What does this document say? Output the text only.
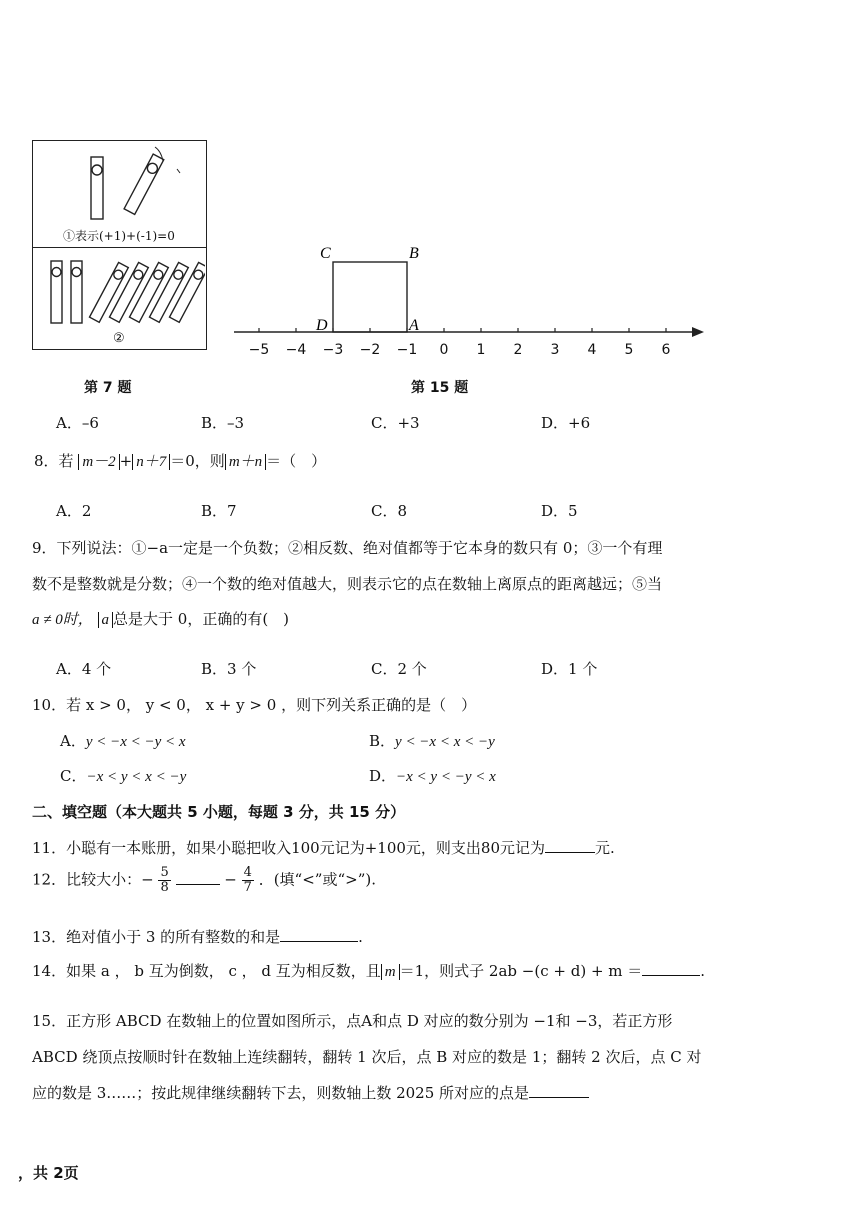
①表示(+1)+(-1)=0
②
第 7 题
C	B
D	A
−5 −4 −3 −2 −1 0 1 2 3 4 5 6
第 15 题
A．–6	B．–3	C．+3	D．+6
8．若 m－2 + n＋7 ＝0，则 m＋n ＝（　）
A．2	B．7	C．8	D．5
9．下列说法：①−a一定是一个负数；②相反数、绝对值都等于它本身的数只有 0；③一个有理
数不是整数就是分数；④一个数的绝对值越大，则表示它的点在数轴上离原点的距离越远；⑤当
a ≠ 0时， a 总是大于 0，正确的有(　)
A．4 个	B．3 个	C．2 个	D．1 个
10．若 x > 0， y < 0， x + y > 0 ，则下列关系正确的是（　）
A．y < −x < −y < x	B．y < −x < x < −y
C．−x < y < x < −y	D．−x < y < −y < x
二、填空题（本大题共 5 小题，每题 3 分，共 15 分）
11．小聪有一本账册，如果小聪把收入100元记为+100元，则支出80元记为	元.
12．比较大小：− $\frac{5}{8}$	− $\frac{4}{7}$ ．(填“<”或“>”).
13．绝对值小于 3 的所有整数的和是	.
14．如果 a ， b 互为倒数， c ， d 互为相反数，且 m ＝1，则式子 2ab −(c + d) + m ＝	.
15．正方形 ABCD 在数轴上的位置如图所示，点A和点 D 对应的数分别为 −1和 −3，若正方形
ABCD 绕顶点按顺时针在数轴上连续翻转，翻转 1 次后，点 B 对应的数是 1；翻转 2 次后，点 C 对
应的数是 3……；按此规律继续翻转下去，则数轴上数 2025 所对应的点是
，共 2页
